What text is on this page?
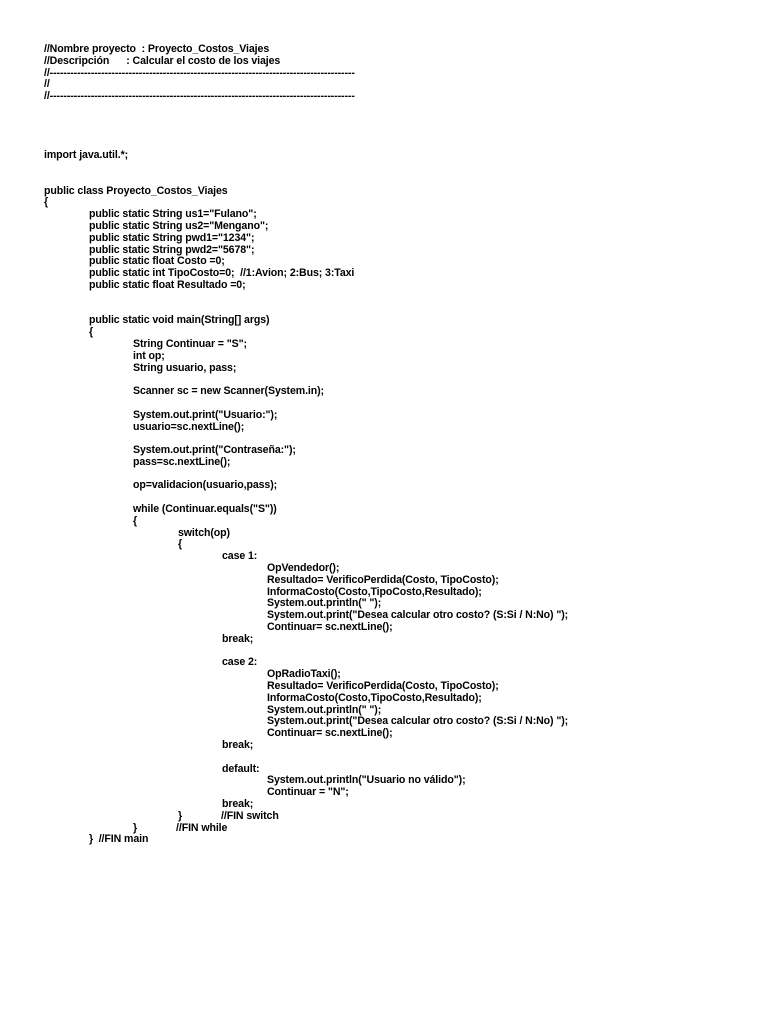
//Nombre proyecto  : Proyecto_Costos_Viajes
//Descripción      : Calcular el costo de los viajes
//-----------------------------------------------------------------------------------------
//
//-----------------------------------------------------------------------------------------
import java.util.*;
public class Proyecto_Costos_Viajes
{
public static String us1="Fulano";
public static String us2="Mengano";
public static String pwd1="1234";
public static String pwd2="5678";
public static float Costo =0;
public static int TipoCosto=0;  //1:Avion; 2:Bus; 3:Taxi
public static float Resultado =0;
public static void main(String[] args)
{
String Continuar = "S";
int op;
String usuario, pass;
Scanner sc = new Scanner(System.in);
System.out.print("Usuario:");
usuario=sc.nextLine();
System.out.print("Contraseña:");
pass=sc.nextLine();
op=validacion(usuario,pass);
while (Continuar.equals("S"))
{
switch(op)
{
case 1:
OpVendedor();
Resultado= VerificoPerdida(Costo, TipoCosto);
InformaCosto(Costo,TipoCosto,Resultado);
System.out.println(" ");
System.out.print("Desea calcular otro costo? (S:Si / N:No) ");
Continuar= sc.nextLine();
break;
case 2:
OpRadioTaxi();
Resultado= VerificoPerdida(Costo, TipoCosto);
InformaCosto(Costo,TipoCosto,Resultado);
System.out.println(" ");
System.out.print("Desea calcular otro costo? (S:Si / N:No) ");
Continuar= sc.nextLine();
break;
default:
System.out.println("Usuario no válido");
Continuar = "N";
break;
}	//FIN switch
}	//FIN while
}  //FIN main
